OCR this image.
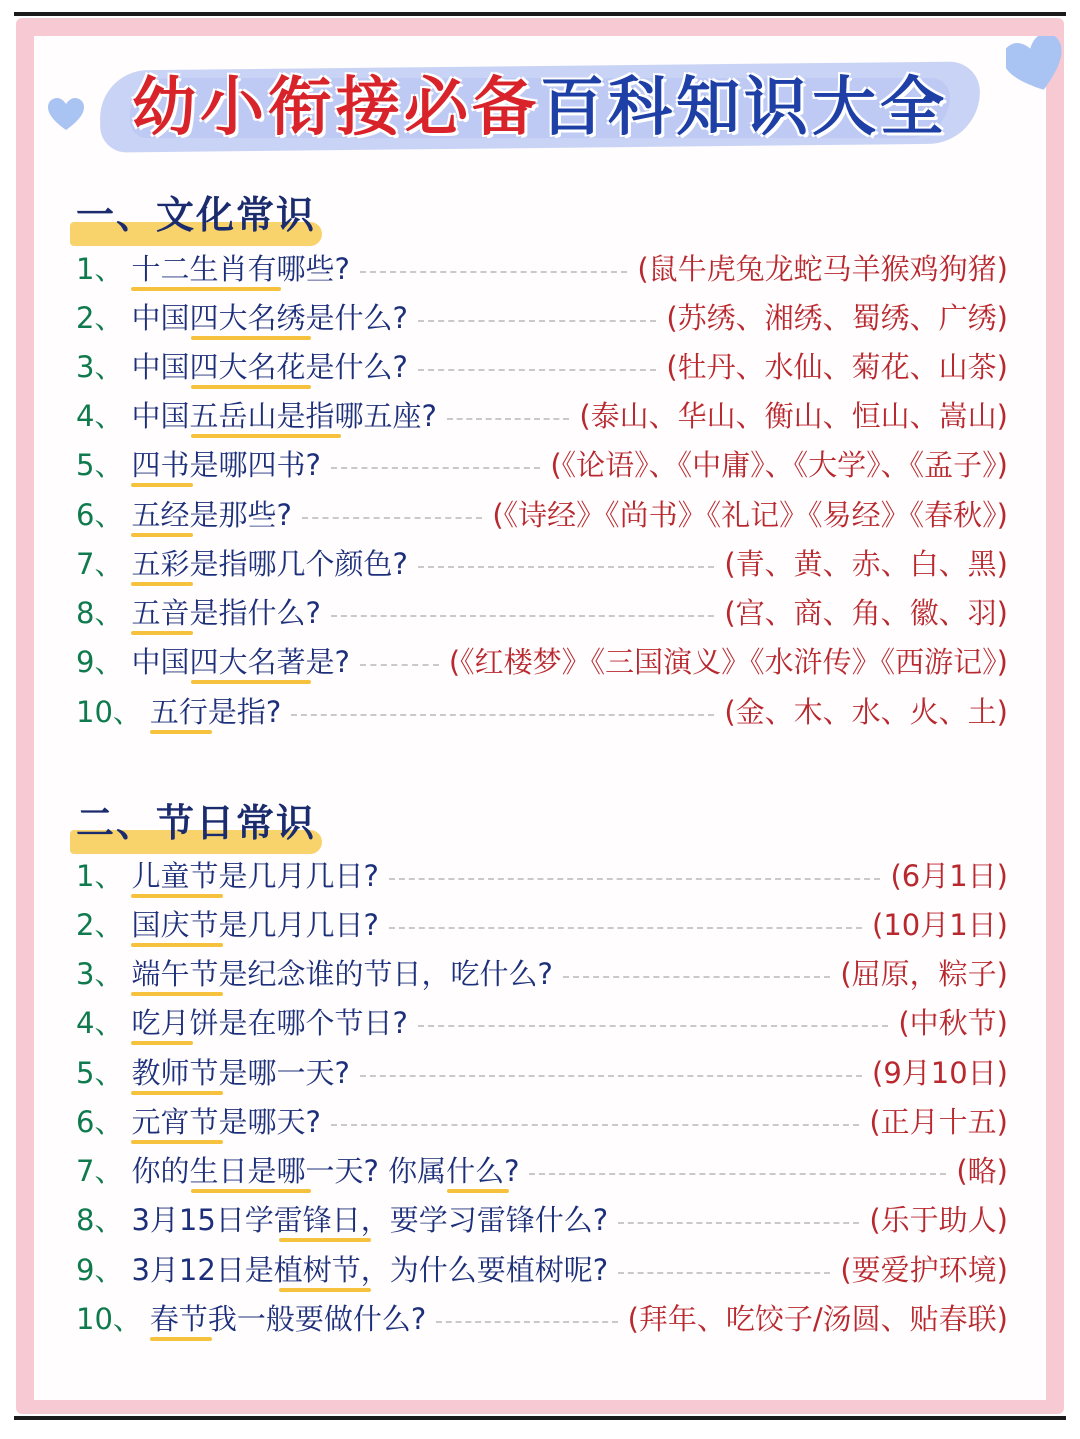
幼小衔接必备百科知识大全
一、文化常识
1、 十二生肖有哪些?	(鼠牛虎兔龙蛇马羊猴鸡狗猪)
2、 中国四大名绣是什么?	(苏绣、湘绣、蜀绣、广绣)
3、 中国四大名花是什么?	(牡丹、水仙、菊花、山茶)
4、 中国五岳山是指哪五座?	(泰山、华山、衡山、恒山、嵩山)
5、 四书是哪四书?	(《论语》、《中庸》、《大学》、《孟子》)
6、 五经是那些?	(《诗经》《尚书》《礼记》《易经》《春秋》)
7、 五彩是指哪几个颜色?	(青、黄、赤、白、黑)
8、 五音是指什么?	(宫、商、角、徽、羽)
9、 中国四大名著是?	(《红楼梦》《三国演义》《水浒传》《西游记》)
10、 五行是指?	(金、木、水、火、土)
二、节日常识
1、 儿童节是几月几日?	(6月1日)
2、 国庆节是几月几日?	(10月1日)
3、 端午节是纪念谁的节日，吃什么?	(屈原，粽子)
4、 吃月饼是在哪个节日?	(中秋节)
5、 教师节是哪一天?	(9月10日)
6、 元宵节是哪天?	(正月十五)
7、 你的生日是哪一天? 你属什么?	(略)
8、 3月15日学雷锋日，要学习雷锋什么?	(乐于助人)
9、 3月12日是植树节，为什么要植树呢?	(要爱护环境)
10、 春节我一般要做什么?	(拜年、吃饺子/汤圆、贴春联)
